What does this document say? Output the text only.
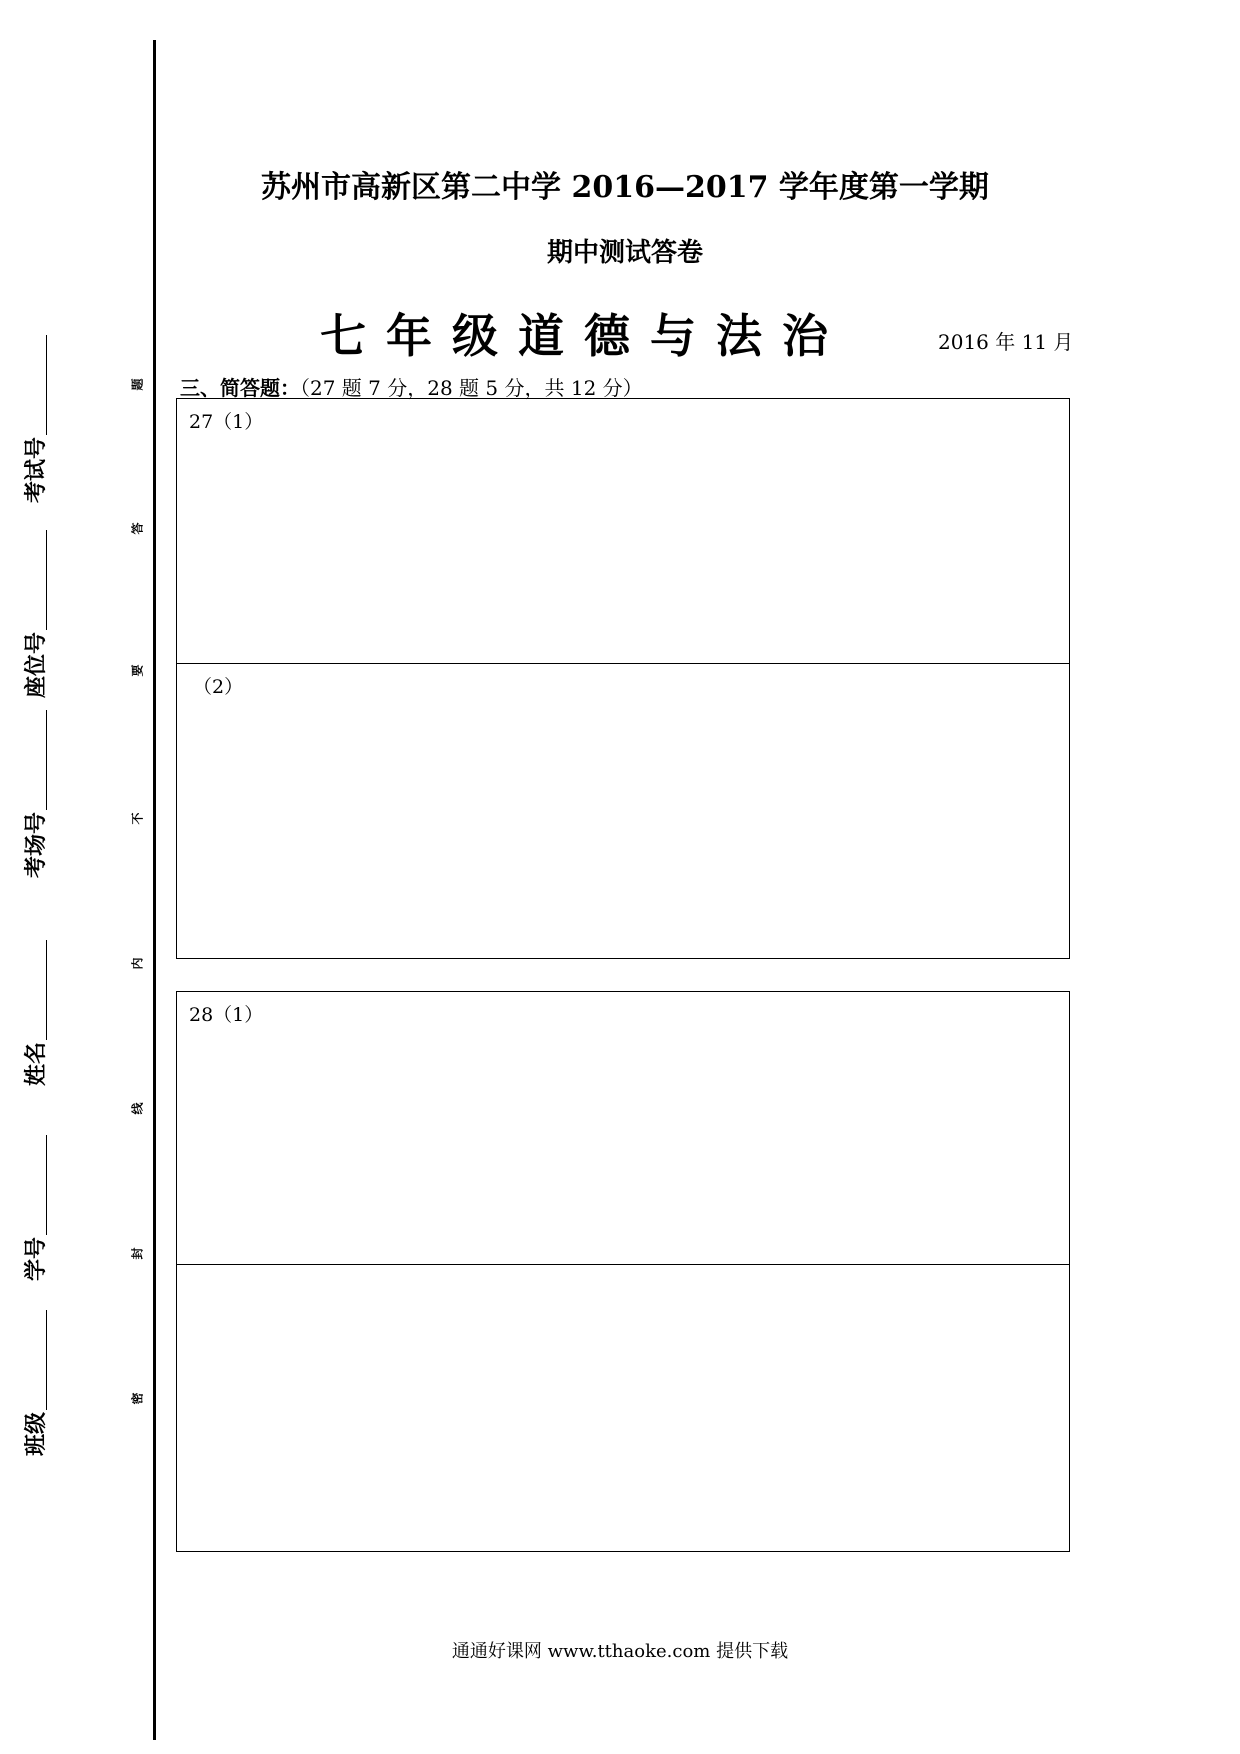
考试号
座位号
考场号
姓名
学号
班级
题
答
要
不
内
线
封
密
苏州市高新区第二中学 2016—2017 学年度第一学期
期中测试答卷
七年级道德与法治	2016 年 11 月
三、简答题：（27 题 7 分，28 题 5 分，共 12 分）
27（1）
（2）
28（1）
通通好课网 www.tthaoke.com 提供下载
